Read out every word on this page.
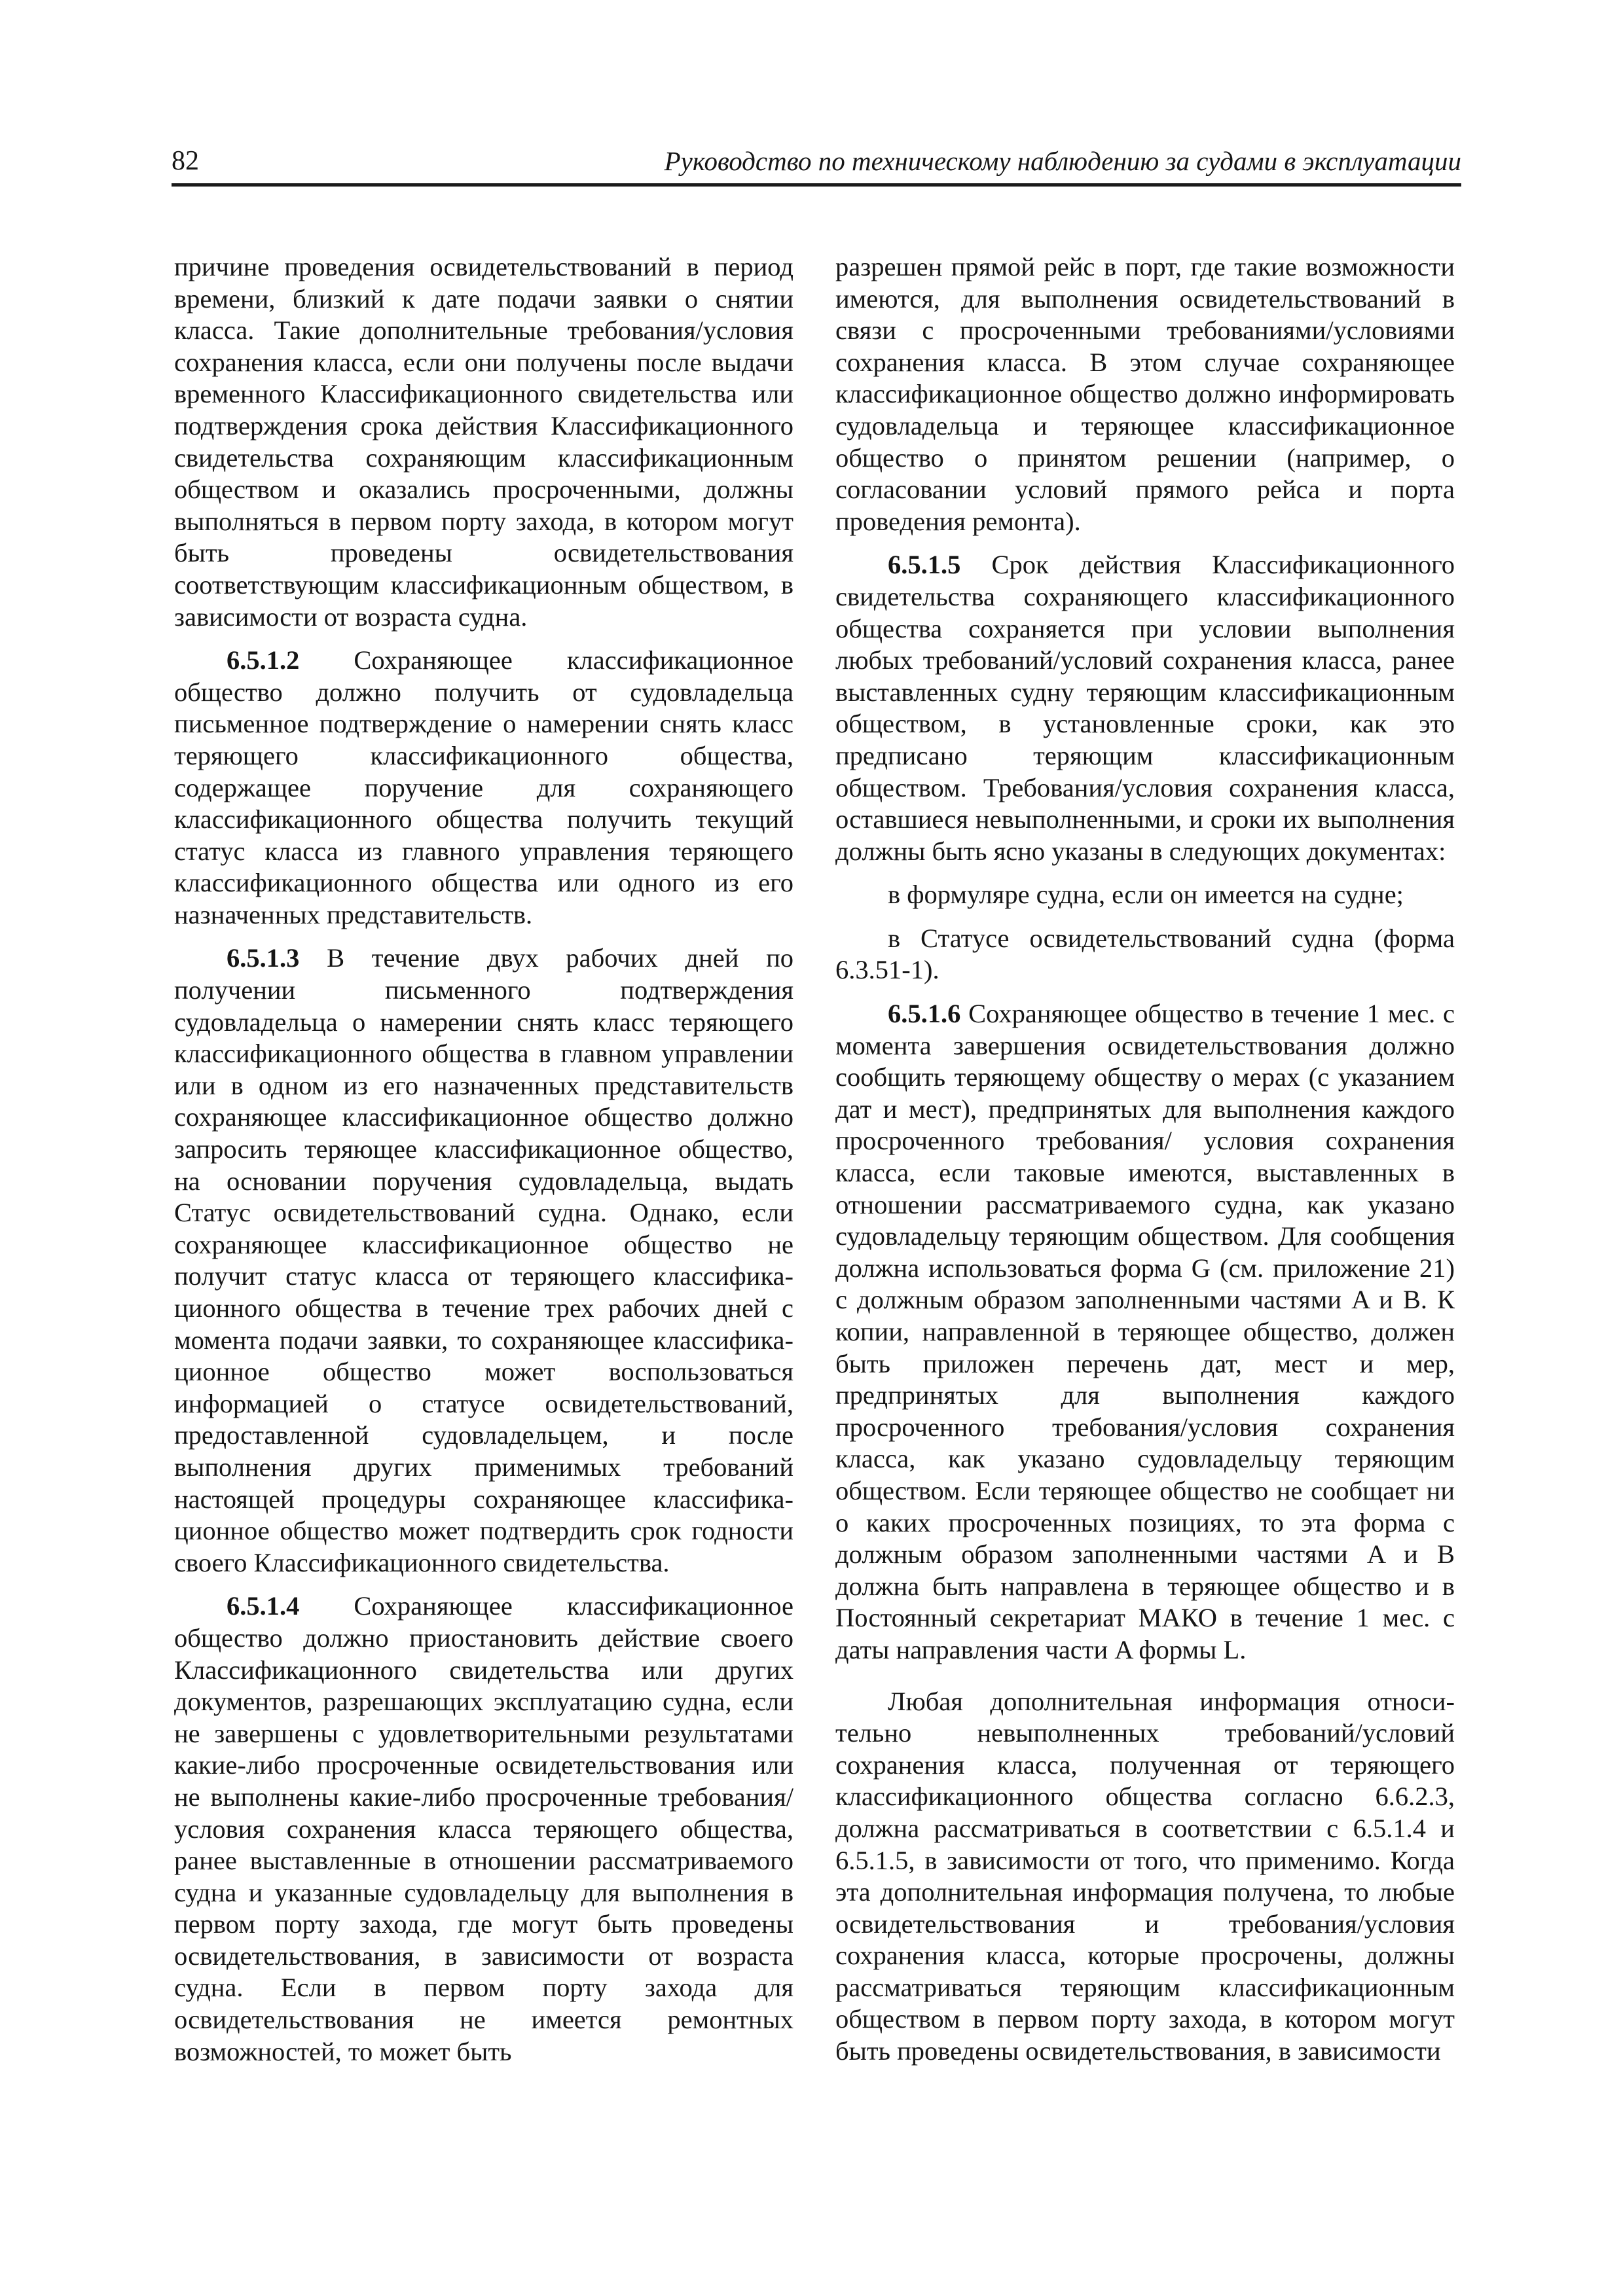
82	Руководство по техническому наблюдению за судами в эксплуатации

причине проведения освидетельствований в период времени, близкий к дате подачи заявки о снятии класса. Такие дополнительные требования/условия сохранения класса, если они получены после выдачи временного Классификационного свидетельства или подтверждения срока действия Классификационного свидетельства сохраняющим классификационным обществом и оказались просроченными, должны выполняться в первом порту захода, в котором могут быть проведены освидетельствования соответствующим классификационным обществом, в зависимости от возраста судна.

6.5.1.2 Сохраняющее классификационное общество должно получить от судовладельца письменное подтверждение о намерении снять класс теряющего классификационного общества, содержащее поручение для сохраняющего классификационного общества получить текущий статус класса из главного управления теряющего классификационного общества или одного из его назначенных представительств.

6.5.1.3 В течение двух рабочих дней по получении письменного подтверждения судовладельца о намерении снять класс теряющего классификационного общества в главном управлении или в одном из его назначенных представительств сохраняющее классификационное общество должно запросить теряющее классификационное общество, на основании поручения судовладельца, выдать Статус освидетельствований судна. Однако, если сохраняющее классификационное общество не получит статус класса от теряющего классификационного общества в течение трех рабочих дней с момента подачи заявки, то сохраняющее классификационное общество может воспользоваться информацией о статусе освидетельствований, предоставленной судовладельцем, и после выполнения других применимых требований настоящей процедуры сохраняющее классификационное общество может подтвердить срок годности своего Классификационного свидетельства.

6.5.1.4 Сохраняющее классификационное общество должно приостановить действие своего Классификационного свидетельства или других документов, разрешающих эксплуатацию судна, если не завершены с удовлетворительными результатами какие-либо просроченные освидетельствования или не выполнены какие-либо просроченные требования/условия сохранения класса теряющего общества, ранее выставленные в отношении рассматриваемого судна и указанные судовладельцу для выполнения в первом порту захода, где могут быть проведены освидетельствования, в зависимости от возраста судна. Если в первом порту захода для освидетельствования не имеется ремонтных возможностей, то может быть

разрешен прямой рейс в порт, где такие возможности имеются, для выполнения освидетельствований в связи с просроченными требованиями/условиями сохранения класса. В этом случае сохраняющее классификационное общество должно информировать судовладельца и теряющее классификационное общество о принятом решении (например, о согласовании условий прямого рейса и порта проведения ремонта).

6.5.1.5 Срок действия Классификационного свидетельства сохраняющего классификационного общества сохраняется при условии выполнения любых требований/условий сохранения класса, ранее выставленных судну теряющим классификационным обществом, в установленные сроки, как это предписано теряющим классификационным обществом. Требования/условия сохранения класса, оставшиеся невыполненными, и сроки их выполнения должны быть ясно указаны в следующих документах:

в формуляре судна, если он имеется на судне;

в Статусе освидетельствований судна (форма 6.3.51-1).

6.5.1.6 Сохраняющее общество в течение 1 мес. с момента завершения освидетельствования должно сообщить теряющему обществу о мерах (с указанием дат и мест), предпринятых для выполнения каждого просроченного требования/ условия сохранения класса, если таковые имеются, выставленных в отношении рассматриваемого судна, как указано судовладельцу теряющим обществом. Для сообщения должна использоваться форма G (см. приложение 21) с должным образом заполненными частями A и B. К копии, направленной в теряющее общество, должен быть приложен перечень дат, мест и мер, предпринятых для выполнения каждого просроченного требования/условия сохранения класса, как указано судовладельцу теряющим обществом. Если теряющее общество не сообщает ни о каких просроченных позициях, то эта форма с должным образом заполненными частями A и B должна быть направлена в теряющее общество и в Постоянный секретариат МАКО в течение 1 мес. с даты направления части A формы L.

Любая дополнительная информация относительно невыполненных требований/условий сохранения класса, полученная от теряющего классификационного общества согласно 6.6.2.3, должна рассматриваться в соответствии с 6.5.1.4 и 6.5.1.5, в зависимости от того, что применимо. Когда эта дополнительная информация получена, то любые освидетельствования и требования/условия сохранения класса, которые просрочены, должны рассматриваться теряющим классификационным обществом в первом порту захода, в котором могут быть проведены освидетельствования, в зависимости
